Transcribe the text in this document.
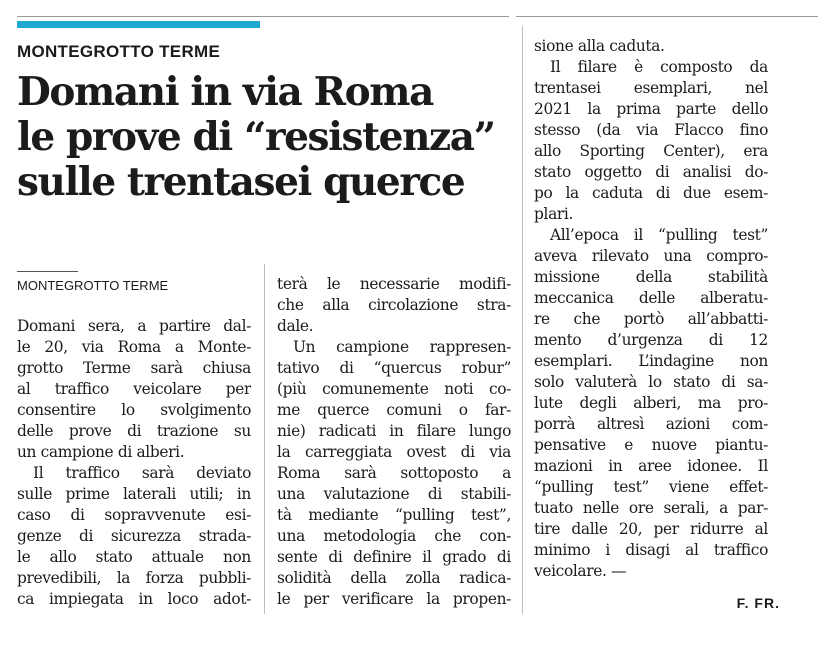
MONTEGROTTO TERME
Domani in via Roma
le prove di “resistenza”
sulle trentasei querce
MONTEGROTTO TERME
Domani sera, a partire dal-
le 20, via Roma a Monte-
grotto Terme sarà chiusa
al traffico veicolare per
consentire lo svolgimento
delle prove di trazione su
un campione di alberi.
Il traffico sarà deviato
sulle prime laterali utili; in
caso di sopravvenute esi-
genze di sicurezza strada-
le allo stato attuale non
prevedibili, la forza pubbli-
ca impiegata in loco adot-
terà le necessarie modifi-
che alla circolazione stra-
dale.
Un campione rappresen-
tativo di “quercus robur”
(più comunemente noti co-
me querce comuni o far-
nie) radicati in filare lungo
la carreggiata ovest di via
Roma sarà sottoposto a
una valutazione di stabili-
tà mediante “pulling test”,
una metodologia che con-
sente di definire il grado di
solidità della zolla radica-
le per verificare la propen-
sione alla caduta.
Il filare è composto da
trentasei esemplari, nel
2021 la prima parte dello
stesso (da via Flacco fino
allo Sporting Center), era
stato oggetto di analisi do-
po la caduta di due esem-
plari.
All’epoca il “pulling test”
aveva rilevato una compro-
missione della stabilità
meccanica delle alberatu-
re che portò all’abbatti-
mento d’urgenza di 12
esemplari. L’indagine non
solo valuterà lo stato di sa-
lute degli alberi, ma pro-
porrà altresì azioni com-
pensative e nuove piantu-
mazioni in aree idonee. Il
“pulling test” viene effet-
tuato nelle ore serali, a par-
tire dalle 20, per ridurre al
minimo i disagi al traffico
veicolare. —
F. FR.
